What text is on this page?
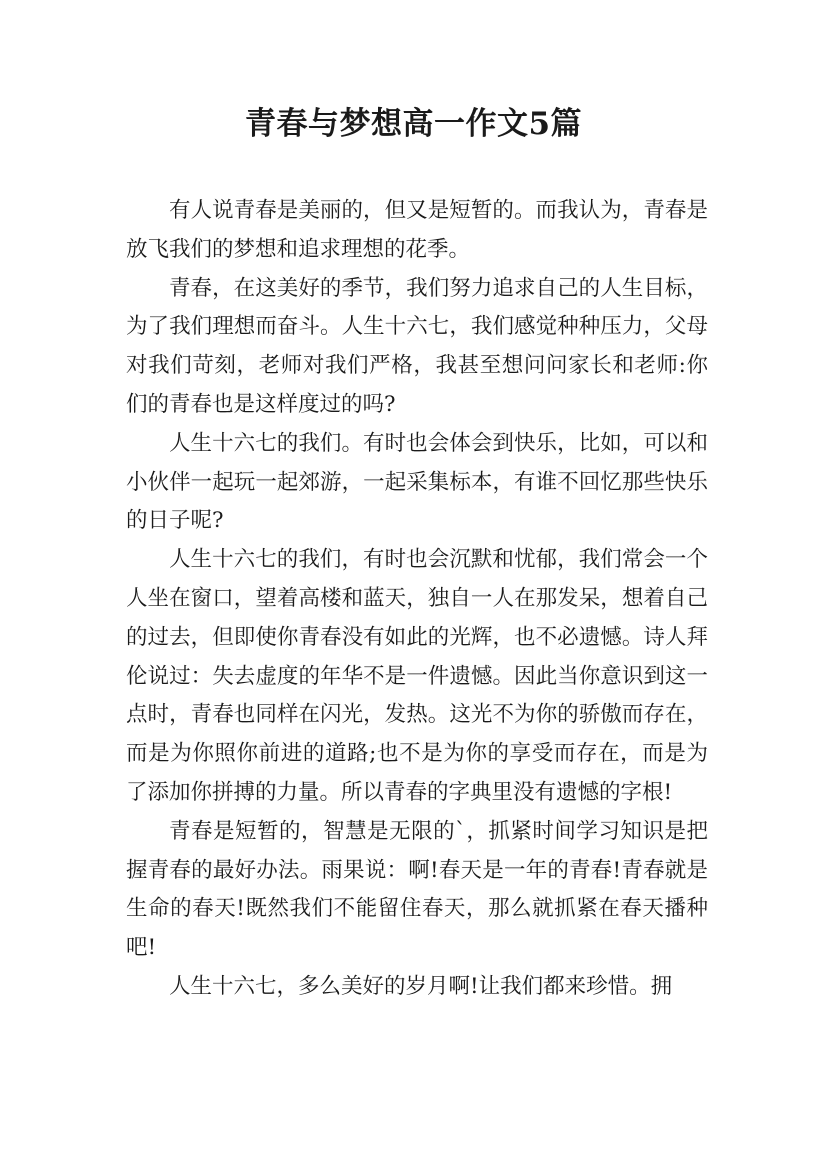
青春与梦想高一作文5篇

有人说青春是美丽的，但又是短暂的。而我认为，青春是放飞我们的梦想和追求理想的花季。

青春，在这美好的季节，我们努力追求自己的人生目标，为了我们理想而奋斗。人生十六七，我们感觉种种压力，父母对我们苛刻，老师对我们严格，我甚至想问问家长和老师:你们的青春也是这样度过的吗?

人生十六七的我们。有时也会体会到快乐，比如，可以和小伙伴一起玩一起郊游，一起采集标本，有谁不回忆那些快乐的日子呢?

人生十六七的我们，有时也会沉默和忧郁，我们常会一个人坐在窗口，望着高楼和蓝天，独自一人在那发呆，想着自己的过去，但即使你青春没有如此的光辉，也不必遗憾。诗人拜伦说过：失去虚度的年华不是一件遗憾。因此当你意识到这一点时，青春也同样在闪光，发热。这光不为你的骄傲而存在，而是为你照你前进的道路;也不是为你的享受而存在，而是为了添加你拼搏的力量。所以青春的字典里没有遗憾的字根!

青春是短暂的，智慧是无限的`，抓紧时间学习知识是把握青春的最好办法。雨果说：啊!春天是一年的青春!青春就是生命的春天!既然我们不能留住春天，那么就抓紧在春天播种吧!

人生十六七，多么美好的岁月啊!让我们都来珍惜。拥
